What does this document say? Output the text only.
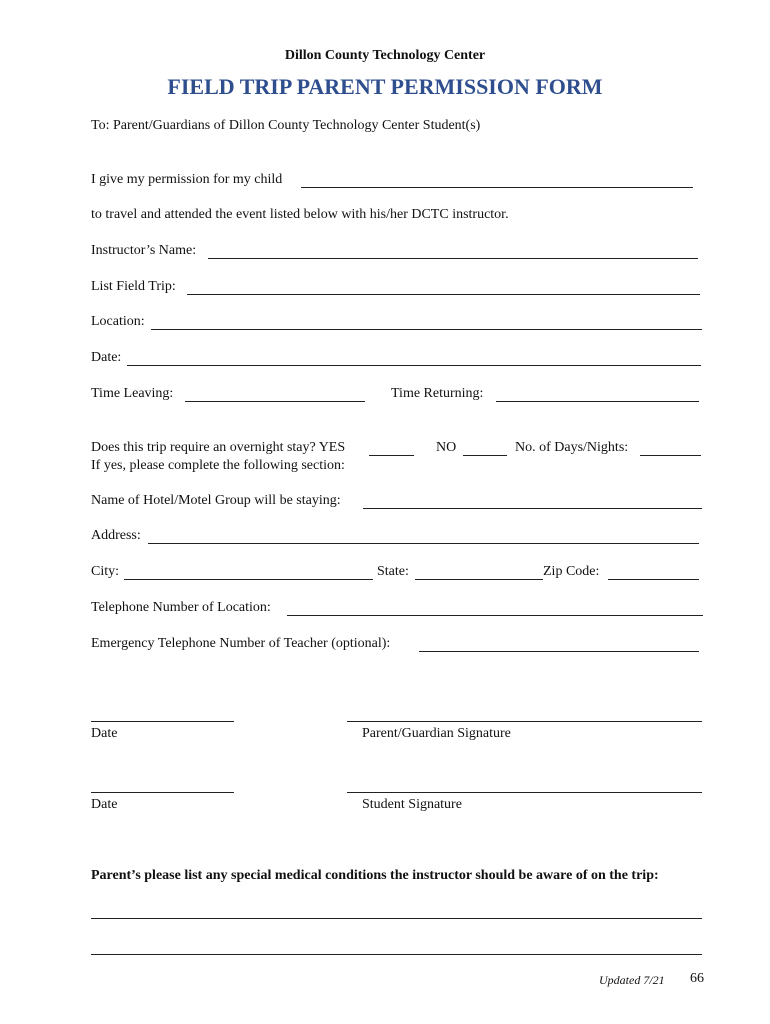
Dillon County Technology Center
FIELD TRIP PARENT PERMISSION FORM
To: Parent/Guardians of Dillon County Technology Center Student(s)
I give my permission for my child
to travel and attended the event listed below with his/her DCTC instructor.
Instructor’s Name:
List Field Trip:
Location:
Date:
Time Leaving:	Time Returning:
Does this trip require an overnight stay? YES	NO	No. of Days/Nights:
If yes, please complete the following section:
Name of Hotel/Motel Group will be staying:
Address:
City:	State:	Zip Code:
Telephone Number of Location:
Emergency Telephone Number of Teacher (optional):
Date	Parent/Guardian Signature
Date	Student Signature
Parent’s please list any special medical conditions the instructor should be aware of on the trip:
Updated 7/21 66
